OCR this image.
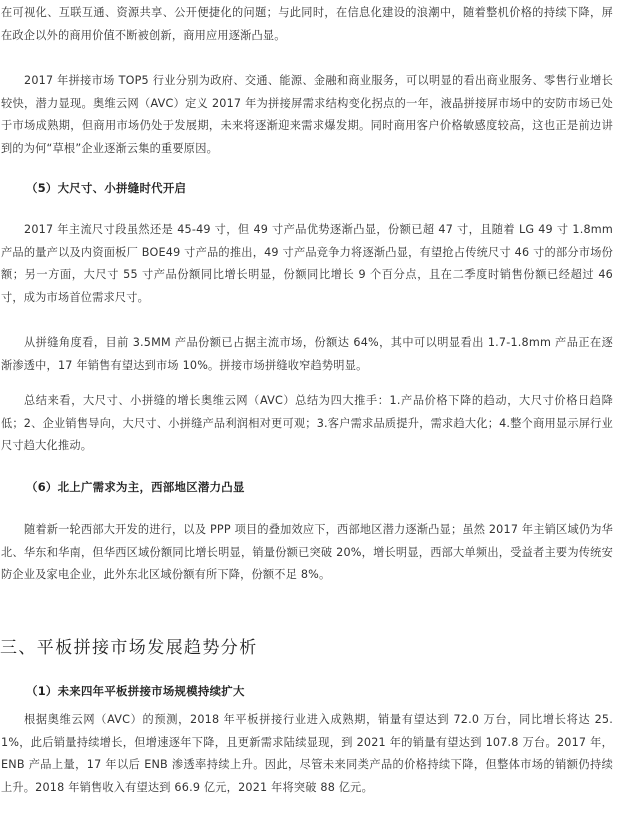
在可视化、互联互通、资源共享、公开便捷化的问题；与此同时，在信息化建设的浪潮中，随着整机价格的持续下降，屏在政企以外的商用价值不断被创新，商用应用逐渐凸显。

2017 年拼接市场 TOP5 行业分别为政府、交通、能源、金融和商业服务，可以明显的看出商业服务、零售行业增长较快，潜力显现。奥维云网（AVC）定义 2017 年为拼接屏需求结构变化拐点的一年，液晶拼接屏市场中的安防市场已处于市场成熟期，但商用市场仍处于发展期，未来将逐渐迎来需求爆发期。同时商用客户价格敏感度较高，这也正是前边讲到的为何“草根”企业逐渐云集的重要原因。

（5）大尺寸、小拼缝时代开启

2017 年主流尺寸段虽然还是 45-49 寸，但 49 寸产品优势逐渐凸显，份额已超 47 寸，且随着 LG 49 寸 1.8mm 产品的量产以及内资面板厂 BOE49 寸产品的推出，49 寸产品竞争力将逐渐凸显，有望抢占传统尺寸 46 寸的部分市场份额；另一方面，大尺寸 55 寸产品份额同比增长明显，份额同比增长 9 个百分点，且在二季度时销售份额已经超过 46 寸，成为市场首位需求尺寸。

从拼缝角度看，目前 3.5MM 产品份额已占据主流市场，份额达 64%，其中可以明显看出 1.7-1.8mm 产品正在逐渐渗透中，17 年销售有望达到市场 10%。拼接市场拼缝收窄趋势明显。

总结来看，大尺寸、小拼缝的增长奥维云网（AVC）总结为四大推手：1.产品价格下降的趋动，大尺寸价格日趋降低；2、企业销售导向，大尺寸、小拼缝产品利润相对更可观；3.客户需求品质提升，需求趋大化；4.整个商用显示屏行业尺寸趋大化推动。

（6）北上广需求为主，西部地区潜力凸显

随着新一轮西部大开发的进行，以及 PPP 项目的叠加效应下，西部地区潜力逐渐凸显；虽然 2017 年主销区域仍为华北、华东和华南，但华西区域份额同比增长明显，销量份额已突破 20%，增长明显，西部大单频出，受益者主要为传统安防企业及家电企业，此外东北区域份额有所下降，份额不足 8%。

三、平板拼接市场发展趋势分析
（1）未来四年平板拼接市场规模持续扩大

根据奥维云网（AVC）的预测，2018 年平板拼接行业进入成熟期，销量有望达到 72.0 万台，同比增长将达 25.1%，此后销量持续增长，但增速逐年下降，且更新需求陆续显现，到 2021 年的销量有望达到 107.8 万台。2017 年，ENB 产品上量，17 年以后 ENB 渗透率持续上升。因此，尽管未来同类产品的价格持续下降，但整体市场的销额仍持续上升。2018 年销售收入有望达到 66.9 亿元，2021 年将突破 88 亿元。
